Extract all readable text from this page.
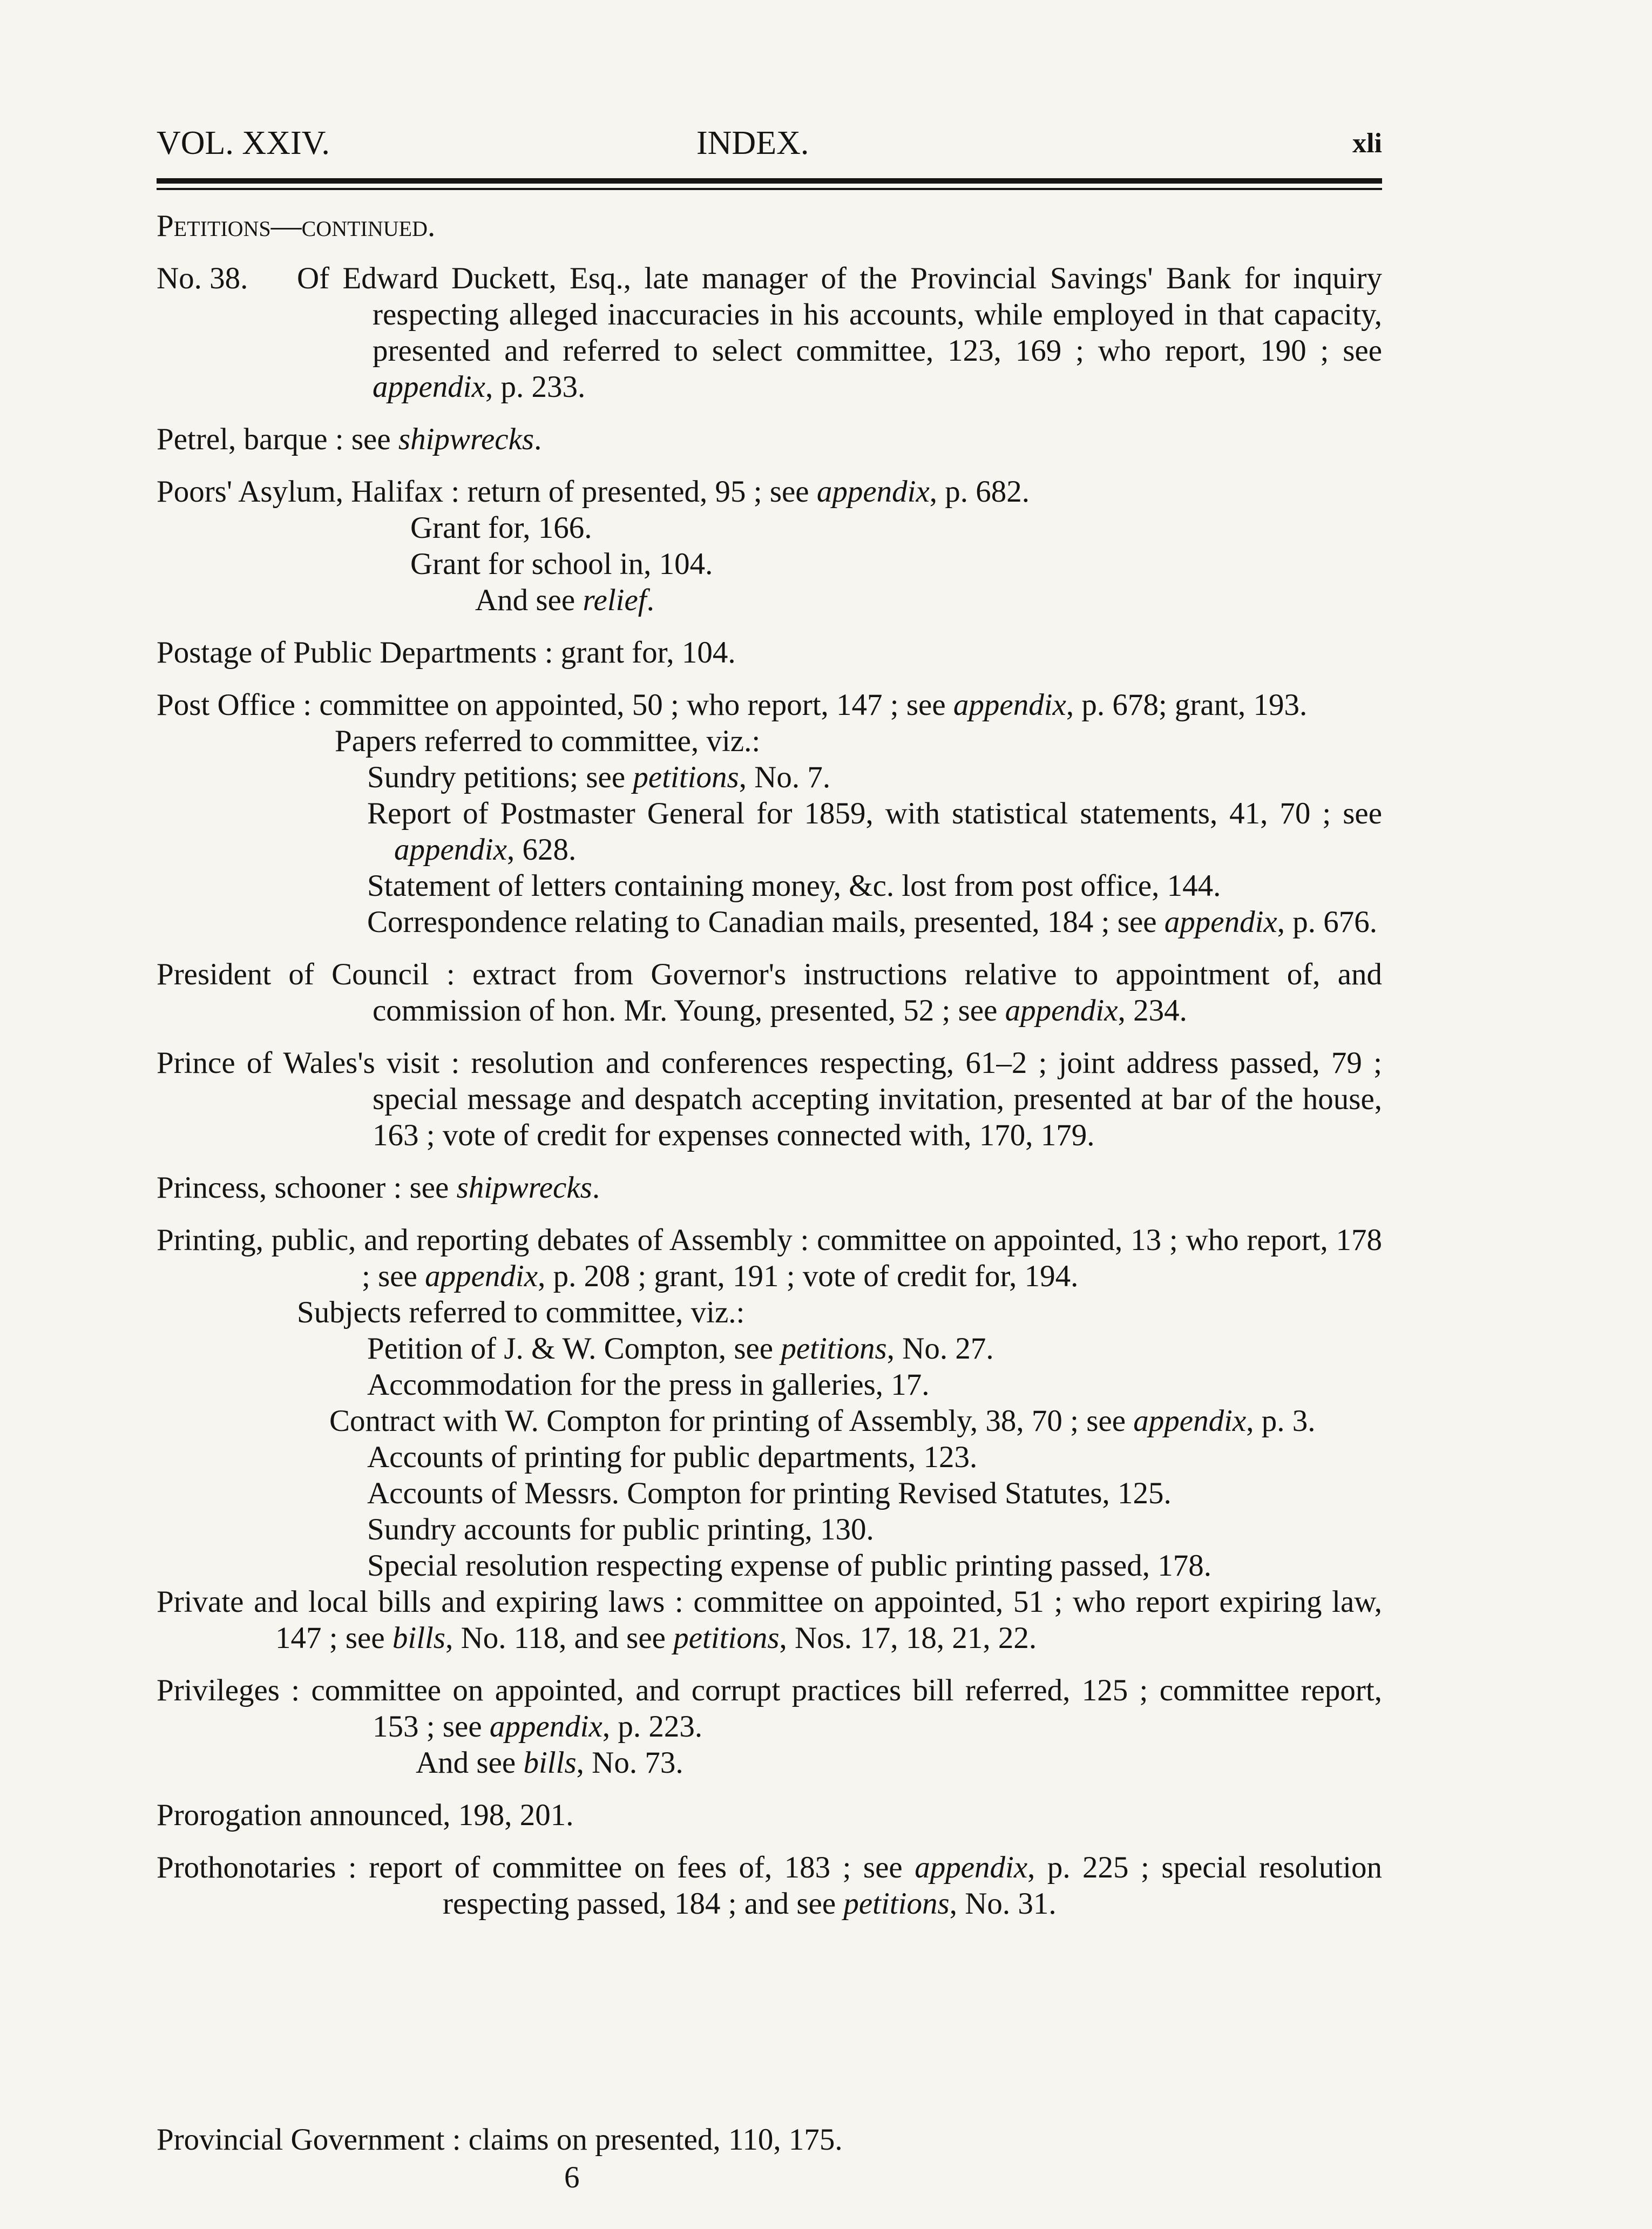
VOL. XXIV.	INDEX.	xli

Petitions—continued.

No. 38. Of Edward Duckett, Esq., late manager of the Provincial Savings' Bank for inquiry respecting alleged inaccuracies in his accounts, while employed in that capacity, presented and referred to select committee, 123, 169 ; who report, 190 ; see appendix, p. 233.

Petrel, barque : see shipwrecks.

Poors' Asylum, Halifax : return of presented, 95 ; see appendix, p. 682.

Grant for, 166.

Grant for school in, 104.

And see relief.

Postage of Public Departments : grant for, 104.

Post Office : committee on appointed, 50 ; who report, 147 ; see appendix, p. 678; grant, 193.

Papers referred to committee, viz.:

Sundry petitions; see petitions, No. 7.

Report of Postmaster General for 1859, with statistical statements, 41, 70 ; see appendix, 628.

Statement of letters containing money, &c. lost from post office, 144.

Correspondence relating to Canadian mails, presented, 184 ; see appendix, p. 676.

President of Council : extract from Governor's instructions relative to appointment of, and commission of hon. Mr. Young, presented, 52 ; see appendix, 234.

Prince of Wales's visit : resolution and conferences respecting, 61–2 ; joint address passed, 79 ; special message and despatch accepting invitation, presented at bar of the house, 163 ; vote of credit for expenses connected with, 170, 179.

Princess, schooner : see shipwrecks.

Printing, public, and reporting debates of Assembly : committee on appointed, 13 ; who report, 178 ; see appendix, p. 208 ; grant, 191 ; vote of credit for, 194.

Subjects referred to committee, viz.:

Petition of J. & W. Compton, see petitions, No. 27.

Accommodation for the press in galleries, 17.

Contract with W. Compton for printing of Assembly, 38, 70 ; see appendix, p. 3.

Accounts of printing for public departments, 123.

Accounts of Messrs. Compton for printing Revised Statutes, 125.

Sundry accounts for public printing, 130.

Special resolution respecting expense of public printing passed, 178.

Private and local bills and expiring laws : committee on appointed, 51 ; who report expiring law, 147 ; see bills, No. 118, and see petitions, Nos. 17, 18, 21, 22.

Privileges : committee on appointed, and corrupt practices bill referred, 125 ; committee report, 153 ; see appendix, p. 223.

And see bills, No. 73.

Prorogation announced, 198, 201.

Prothonotaries : report of committee on fees of, 183 ; see appendix, p. 225 ; special resolution respecting passed, 184 ; and see petitions, No. 31.

Provincial Government : claims on presented, 110, 175.
6
